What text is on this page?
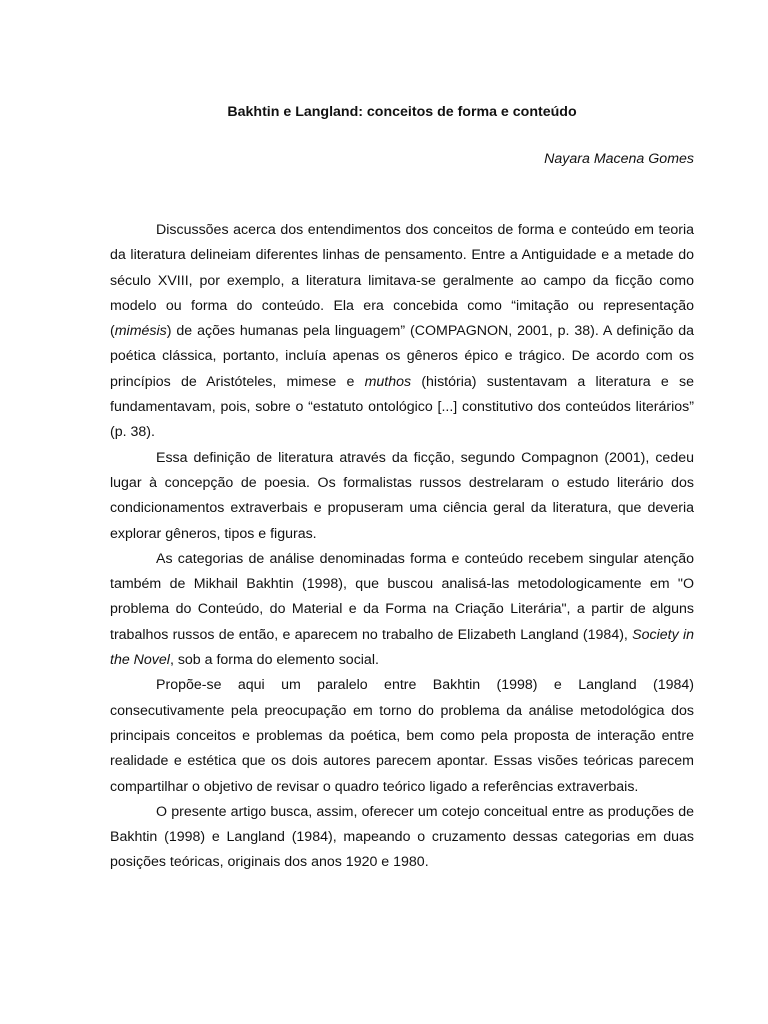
Bakhtin e Langland: conceitos de forma e conteúdo
Nayara Macena Gomes

Discussões acerca dos entendimentos dos conceitos de forma e conteúdo em teoria da literatura delineiam diferentes linhas de pensamento. Entre a Antiguidade e a metade do século XVIII, por exemplo, a literatura limitava-se geralmente ao campo da ficção como modelo ou forma do conteúdo. Ela era concebida como “imitação ou representação (mimésis) de ações humanas pela linguagem” (COMPAGNON, 2001, p. 38). A definição da poética clássica, portanto, incluía apenas os gêneros épico e trágico. De acordo com os princípios de Aristóteles, mimese e muthos (história) sustentavam a literatura e se fundamentavam, pois, sobre o “estatuto ontológico [...] constitutivo dos conteúdos literários” (p. 38).

Essa definição de literatura através da ficção, segundo Compagnon (2001), cedeu lugar à concepção de poesia. Os formalistas russos destrelaram o estudo literário dos condicionamentos extraverbais e propuseram uma ciência geral da literatura, que deveria explorar gêneros, tipos e figuras.

As categorias de análise denominadas forma e conteúdo recebem singular atenção também de Mikhail Bakhtin (1998), que buscou analisá-las metodologicamente em "O problema do Conteúdo, do Material e da Forma na Criação Literária", a partir de alguns trabalhos russos de então, e aparecem no trabalho de Elizabeth Langland (1984), Society in the Novel, sob a forma do elemento social.

Propõe-se aqui um paralelo entre Bakhtin (1998) e Langland (1984) consecutivamente pela preocupação em torno do problema da análise metodológica dos principais conceitos e problemas da poética, bem como pela proposta de interação entre realidade e estética que os dois autores parecem apontar. Essas visões teóricas parecem compartilhar o objetivo de revisar o quadro teórico ligado a referências extraverbais.

O presente artigo busca, assim, oferecer um cotejo conceitual entre as produções de Bakhtin (1998) e Langland (1984), mapeando o cruzamento dessas categorias em duas posições teóricas, originais dos anos 1920 e 1980.
